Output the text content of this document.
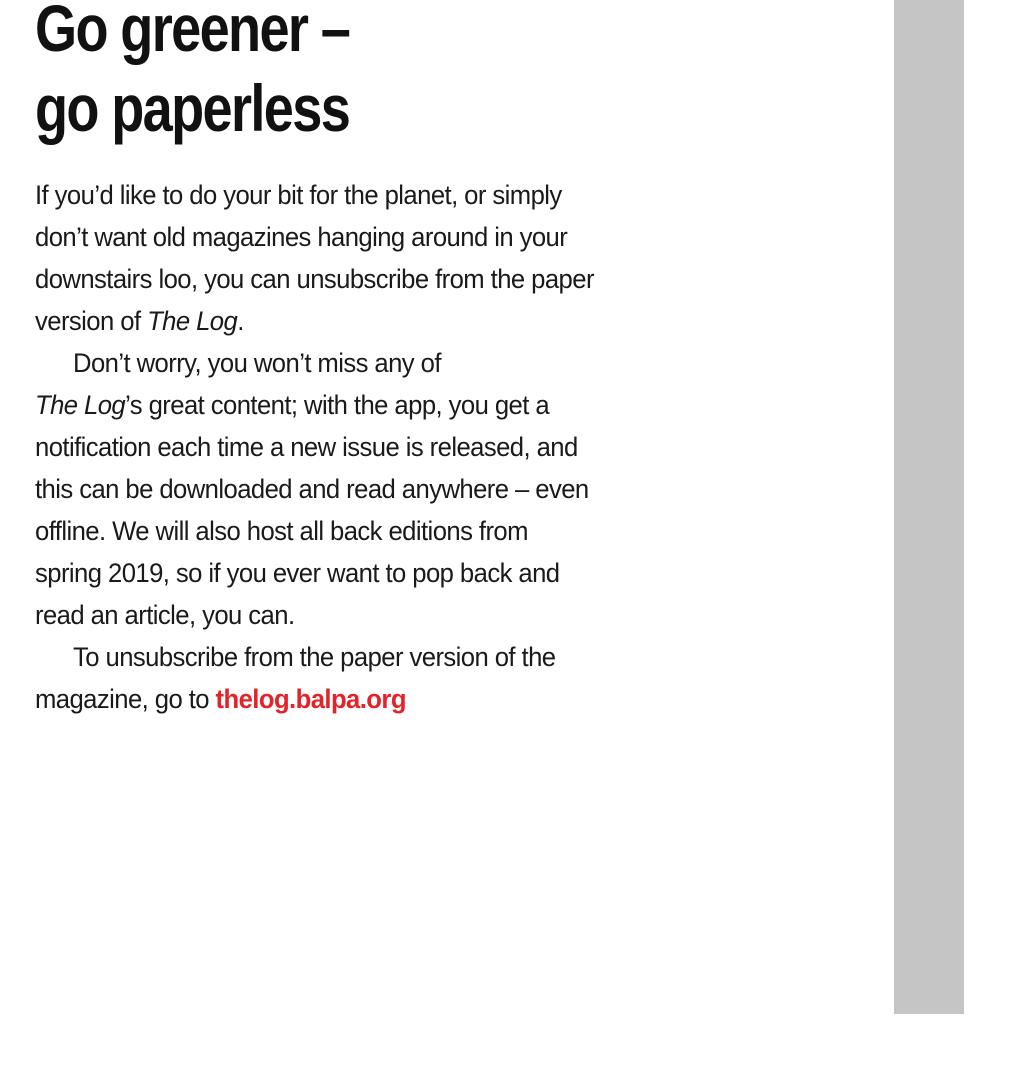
Go greener –
go paperless

If you’d like to do your bit for the planet, or simply don’t want old magazines hanging around in your downstairs loo, you can unsubscribe from the paper version of The Log.

Don’t worry, you won’t miss any of
The Log’s great content; with the app, you get a notification each time a new issue is released, and this can be downloaded and read anywhere – even offline. We will also host all back editions from spring 2019, so if you ever want to pop back and read an article, you can.

To unsubscribe from the paper version of the magazine, go to thelog.balpa.org
